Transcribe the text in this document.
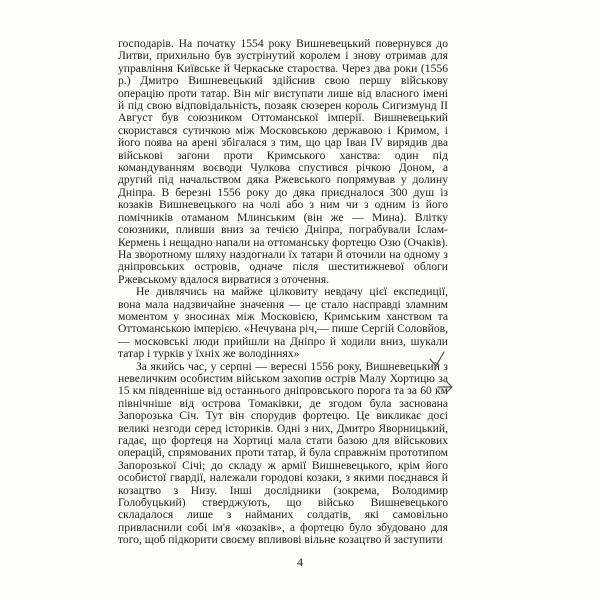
господарів. На початку 1554 року Вишневецький повернувся до Литви, прихильно був зустрінутий королем і знову отримав для управління Київське й Черкаське староства. Через два роки (1556 р.) Дмитро Вишневецький здійснив свою першу військову операцію проти татар. Він міг виступати лише від власного імені й під свою відповідальність, позаяк сюзерен король Сигизмунд II Август був союзником Оттоманської імперії. Вишневецький скористався сутичкою між Московською державою і Кримом, і його поява на арені збігалася з тим, що цар Іван IV вирядив два військові загони проти Кримського ханства: один під командуванням воєводи Чулкова спустився річкою Доном, а другий під начальством дяка Ржевського попрямував у долину Дніпра. В березні 1556 року до дяка приєдналося 300 душ із козаків Вишневецького на чолі або з ним чи з одним із його помічників отаманом Млинським (він же — Мина). Влітку союзники, пливши вниз за течією Дніпра, пограбували Іслам-Кермень і нещадно напали на оттоманську фортецю Озю (Очаків). На зворотному шляху наздогнали їх татари й оточили на одному з дніпровських островів, одначе після шеститижневої облоги Ржевському вдалося вирватися з оточення.

Не дивлячись на майже цілковиту невдачу цієї експедиції, вона мала надзвичайне значення — це стало насправді зламним моментом у зносинах між Московією, Кримським ханством та Оттоманською імперією. «Нечувана річ,— пише Сергій Соловйов,— московські люди прийшли на Дніпро й ходили вниз, шукали татар і турків у їхніх же володіннях»

За якийсь час, у серпні — вересні 1556 року, Вишневецький з невеличким особистим військом захопив острів Малу Хортицю за 15 км південніше від останнього дніпровського порога та за 60 км північніше від острова Томаківки, де згодом була заснована Запорозька Січ. Тут він спорудив фортецю. Це викликає досі великі незгоди серед істориків. Одні з них, Дмитро Яворницький, гадає, що фортеця на Хортиці мала стати базою для військових операцій, спрямованих проти татар, й була справжнім прототипом Запорозької Січі; до складу ж армії Вишневецького, крім його особистої гвардії, належали городові козаки, з якими поєднався й козацтво з Низу. Інші дослідники (зокрема, Володимир Голобуцький) стверджують, що військо Вишневецького складалося лише з найманих солдатів, які самовільно привласнили собі ім'я «козаків», а фортецю було збудовано для того, щоб підкорити своєму впливові вільне козацтво й заступити

4
